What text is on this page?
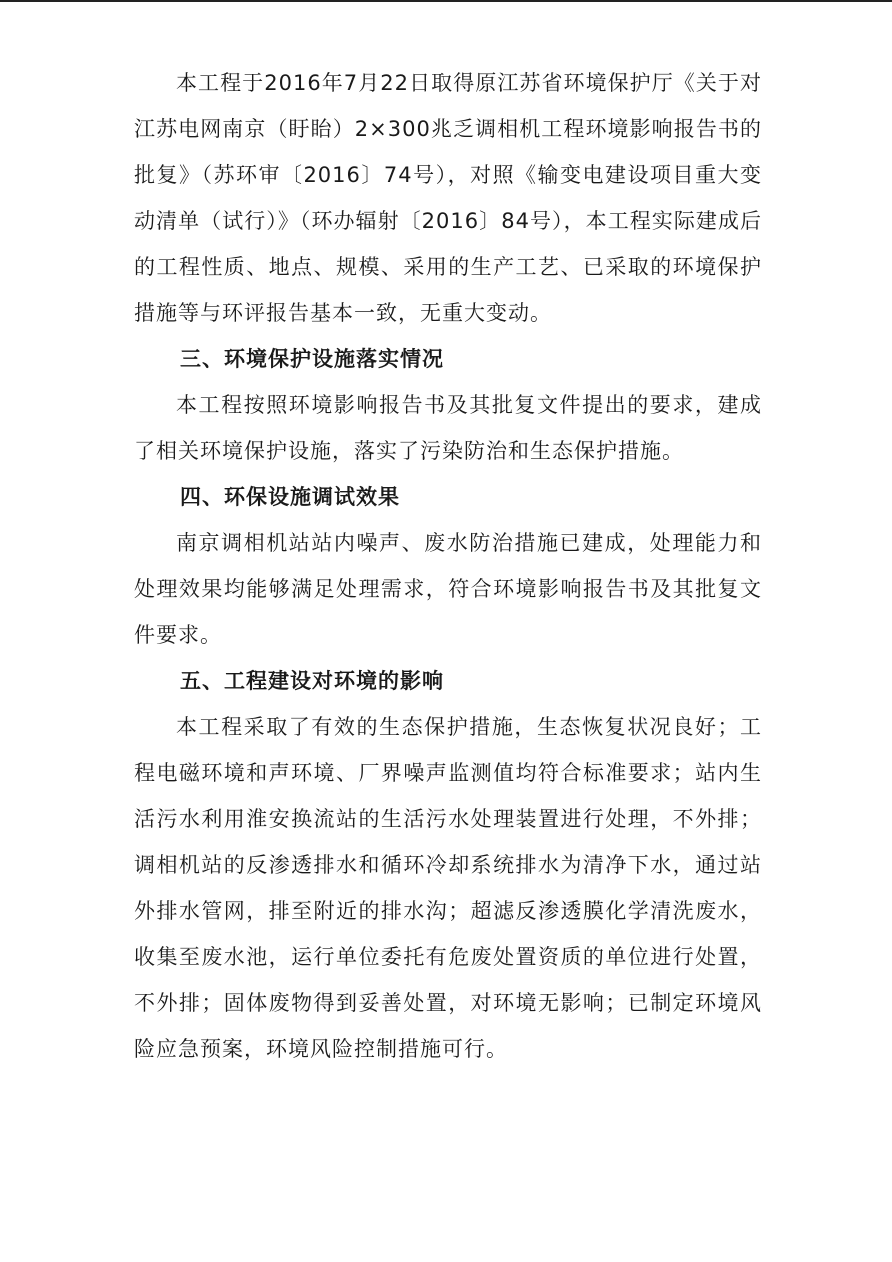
本工程于2016年7月22日取得原江苏省环境保护厅《关于对江苏电网南京（盱眙）2×300兆乏调相机工程环境影响报告书的批复》（苏环审〔2016〕74号），对照《输变电建设项目重大变动清单（试行）》（环办辐射〔2016〕84号），本工程实际建成后的工程性质、地点、规模、采用的生产工艺、已采取的环境保护措施等与环评报告基本一致，无重大变动。

三、环境保护设施落实情况

本工程按照环境影响报告书及其批复文件提出的要求，建成了相关环境保护设施，落实了污染防治和生态保护措施。

四、环保设施调试效果

南京调相机站站内噪声、废水防治措施已建成，处理能力和处理效果均能够满足处理需求，符合环境影响报告书及其批复文件要求。

五、工程建设对环境的影响

本工程采取了有效的生态保护措施，生态恢复状况良好；工程电磁环境和声环境、厂界噪声监测值均符合标准要求；站内生活污水利用淮安换流站的生活污水处理装置进行处理，不外排；调相机站的反渗透排水和循环冷却系统排水为清净下水，通过站外排水管网，排至附近的排水沟；超滤反渗透膜化学清洗废水，收集至废水池，运行单位委托有危废处置资质的单位进行处置，不外排；固体废物得到妥善处置，对环境无影响；已制定环境风险应急预案，环境风险控制措施可行。
